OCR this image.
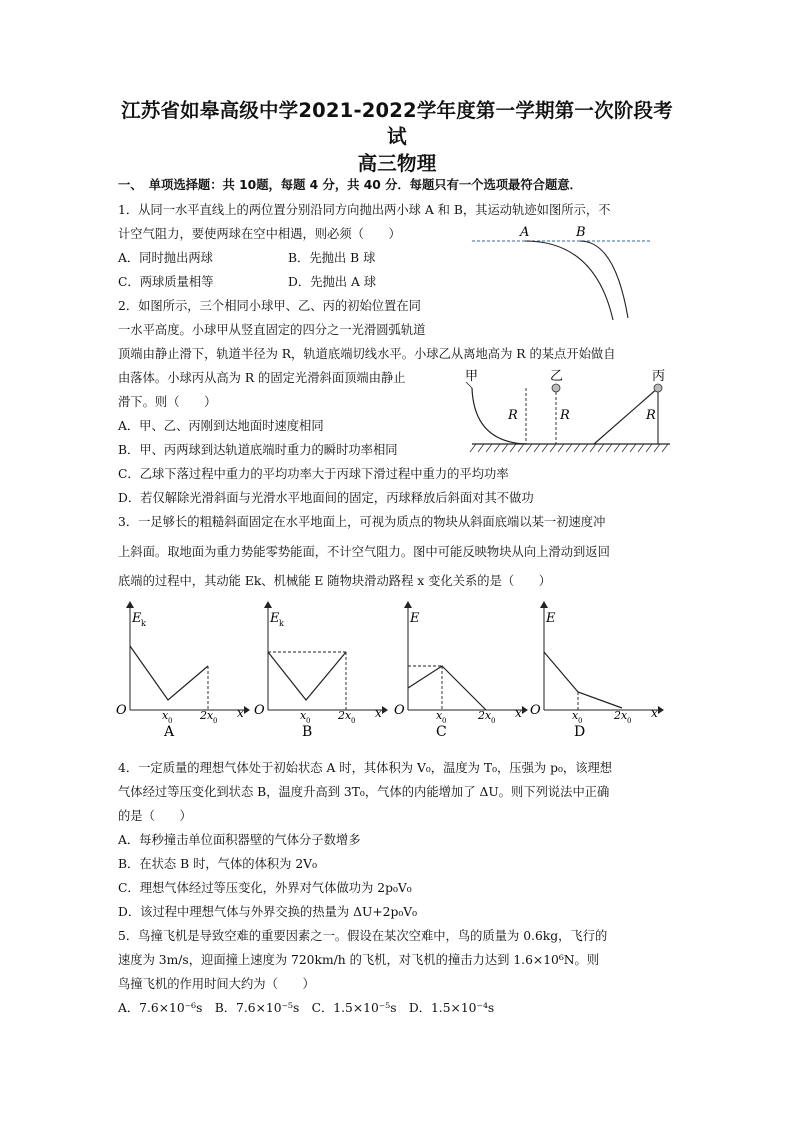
江苏省如皋高级中学2021-2022学年度第一学期第一次阶段考
试
高三物理
一、　单项选择题：共 10题，每题 4 分，共 40 分．每题只有一个选项最符合题意．
1．从同一水平直线上的两位置分别沿同方向抛出两小球 A 和 B，其运动轨迹如图所示，不
计空气阻力，要使两球在空中相遇，则必须（　　）
A．同时抛出两球	B．先抛出 B 球
C．两球质量相等	D．先抛出 A 球
A	B
2．如图所示，三个相同小球甲、乙、丙的初始位置在同
一水平高度。小球甲从竖直固定的四分之一光滑圆弧轨道
顶端由静止滑下，轨道半径为 R，轨道底端切线水平。小球乙从离地高为 R 的某点开始做自
由落体。小球丙从高为 R 的固定光滑斜面顶端由静止
滑下。则（　　）
A．甲、乙、丙刚到达地面时速度相同
B．甲、丙两球到达轨道底端时重力的瞬时功率相同
C．乙球下落过程中重力的平均功率大于丙球下滑过程中重力的平均功率
D．若仅解除光滑斜面与光滑水平地面间的固定，丙球释放后斜面对其不做功
R
甲
R
乙
R
丙
3．一足够长的粗糙斜面固定在水平地面上，可视为质点的物块从斜面底端以某一初速度冲
上斜面。取地面为重力势能零势能面，不计空气阻力。图中可能反映物块从向上滑动到返回
底端的过程中，其动能 Ek、机械能 E 随物块滑动路程 x 变化关系的是（　　）
E k
O	x 0	2x 0
x
A
E k
O	x 0	2x 0
x
B
E
O	x 0	2x 0
x
C
E
O	x 0	2x 0
x
D
4．一定质量的理想气体处于初始状态 A 时，其体积为 V₀，温度为 T₀，压强为 p₀，该理想
气体经过等压变化到状态 B，温度升高到 3T₀，气体的内能增加了 ΔU。则下列说法中正确
的是（　　）
A．每秒撞击单位面积器壁的气体分子数增多
B．在状态 B 时，气体的体积为 2V₀
C．理想气体经过等压变化，外界对气体做功为 2p₀V₀
D．该过程中理想气体与外界交换的热量为 ΔU+2p₀V₀
5．鸟撞飞机是导致空难的重要因素之一。假设在某次空难中，鸟的质量为 0.6kg，飞行的
速度为 3m/s，迎面撞上速度为 720km/h 的飞机，对飞机的撞击力达到 1.6×10⁶N。则
鸟撞飞机的作用时间大约为（　　）
A．7.6×10⁻⁶s　B．7.6×10⁻⁵s　C．1.5×10⁻⁵s　D．1.5×10⁻⁴s
